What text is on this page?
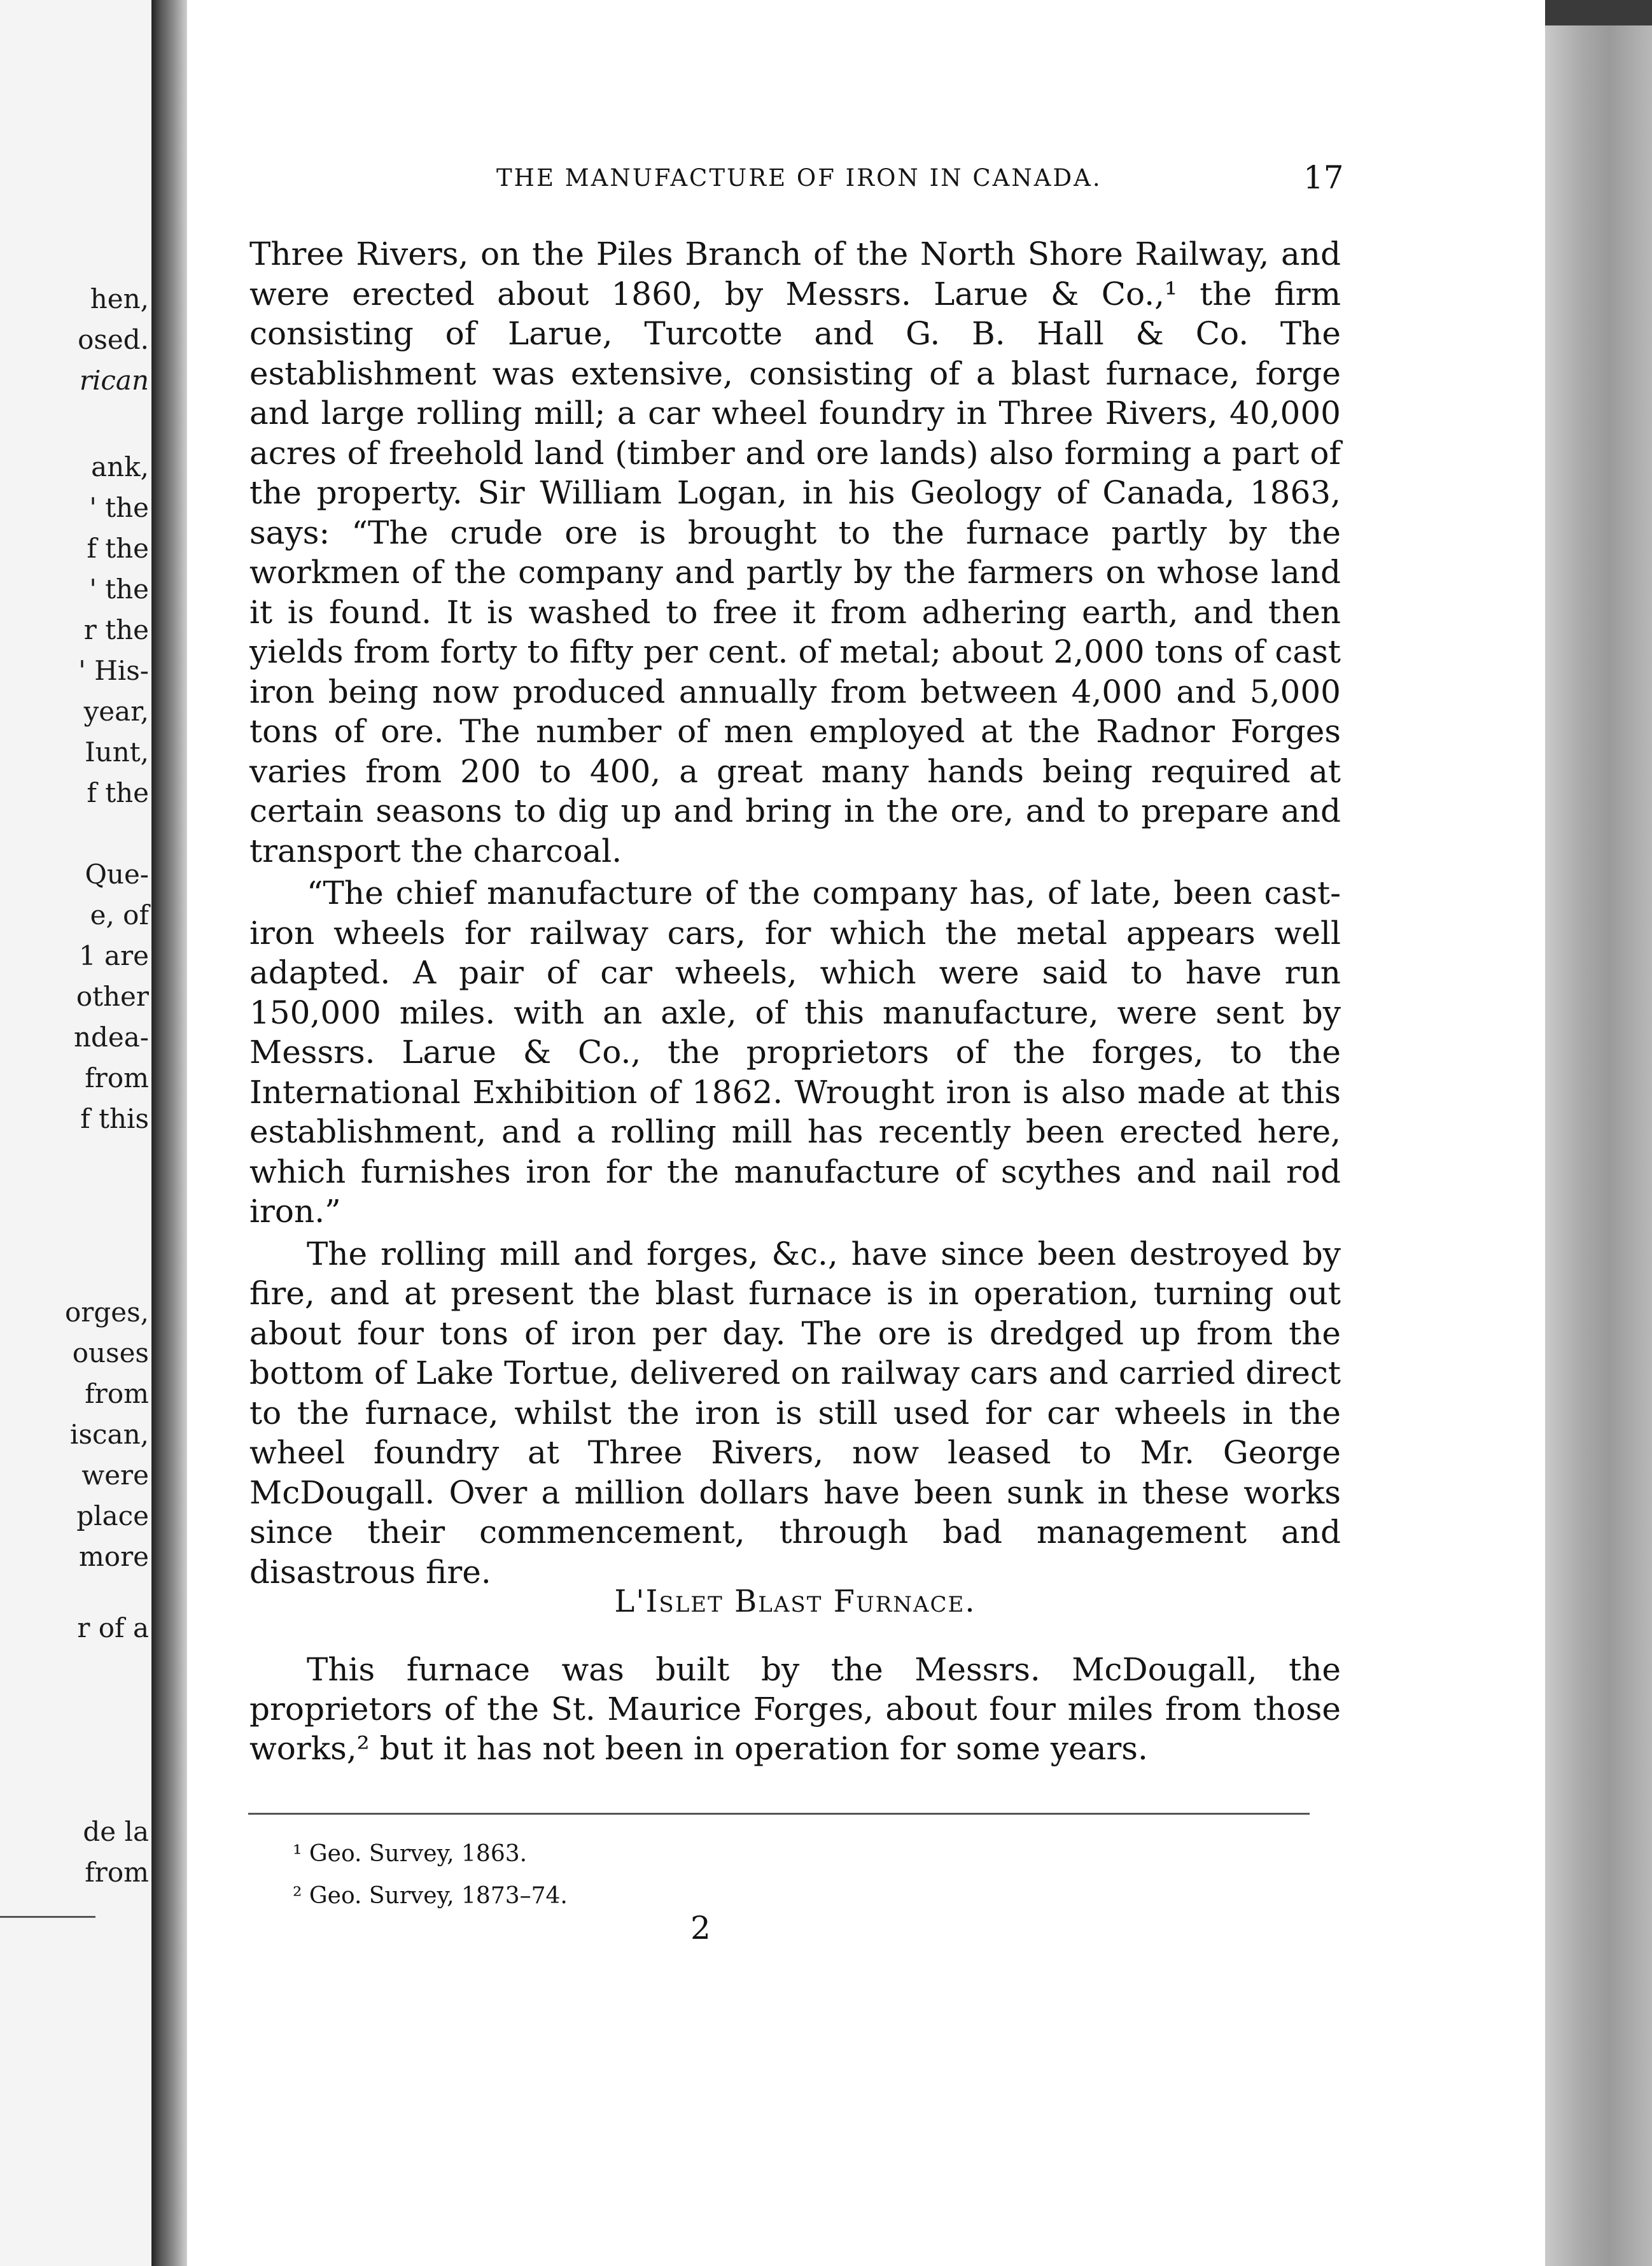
hen,
osed.
rican
ank,
' the
f the
' the
r the
' His-
year,
Iunt,
f the
Que-
e, of
1 are
other
ndea-
from
f this
orges,
ouses
from
iscan,
were
place
more
r of a
de la
from
THE MANUFACTURE OF IRON IN CANADA.	17

Three Rivers, on the Piles Branch of the North Shore Railway, and were erected about 1860, by Messrs. Larue & Co.,¹ the firm consisting of Larue, Turcotte and G. B. Hall & Co. The establishment was extensive, consisting of a blast furnace, forge and large rolling mill; a car wheel foundry in Three Rivers, 40,000 acres of freehold land (timber and ore lands) also forming a part of the property. Sir William Logan, in his Geology of Canada, 1863, says: “The crude ore is brought to the furnace partly by the workmen of the company and partly by the farmers on whose land it is found. It is washed to free it from adhering earth, and then yields from forty to fifty per cent. of metal; about 2,000 tons of cast iron being now produced annually from between 4,000 and 5,000 tons of ore. The number of men employed at the Radnor Forges varies from 200 to 400, a great many hands being required at certain seasons to dig up and bring in the ore, and to prepare and transport the charcoal.

“The chief manufacture of the company has, of late, been cast-iron wheels for railway cars, for which the metal appears well adapted. A pair of car wheels, which were said to have run 150,000 miles. with an axle, of this manufacture, were sent by Messrs. Larue & Co., the proprietors of the forges, to the International Exhibition of 1862. Wrought iron is also made at this establishment, and a rolling mill has recently been erected here, which furnishes iron for the manufacture of scythes and nail rod iron.”

The rolling mill and forges, &c., have since been destroyed by fire, and at present the blast furnace is in operation, turning out about four tons of iron per day. The ore is dredged up from the bottom of Lake Tortue, delivered on railway cars and carried direct to the furnace, whilst the iron is still used for car wheels in the wheel foundry at Three Rivers, now leased to Mr. George McDougall. Over a million dollars have been sunk in these works since their commencement, through bad management and disastrous fire.

L'Islet Blast Furnace.

This furnace was built by the Messrs. McDougall, the proprietors of the St. Maurice Forges, about four miles from those works,² but it has not been in operation for some years.

¹ Geo. Survey, 1863.
² Geo. Survey, 1873–74.
2
